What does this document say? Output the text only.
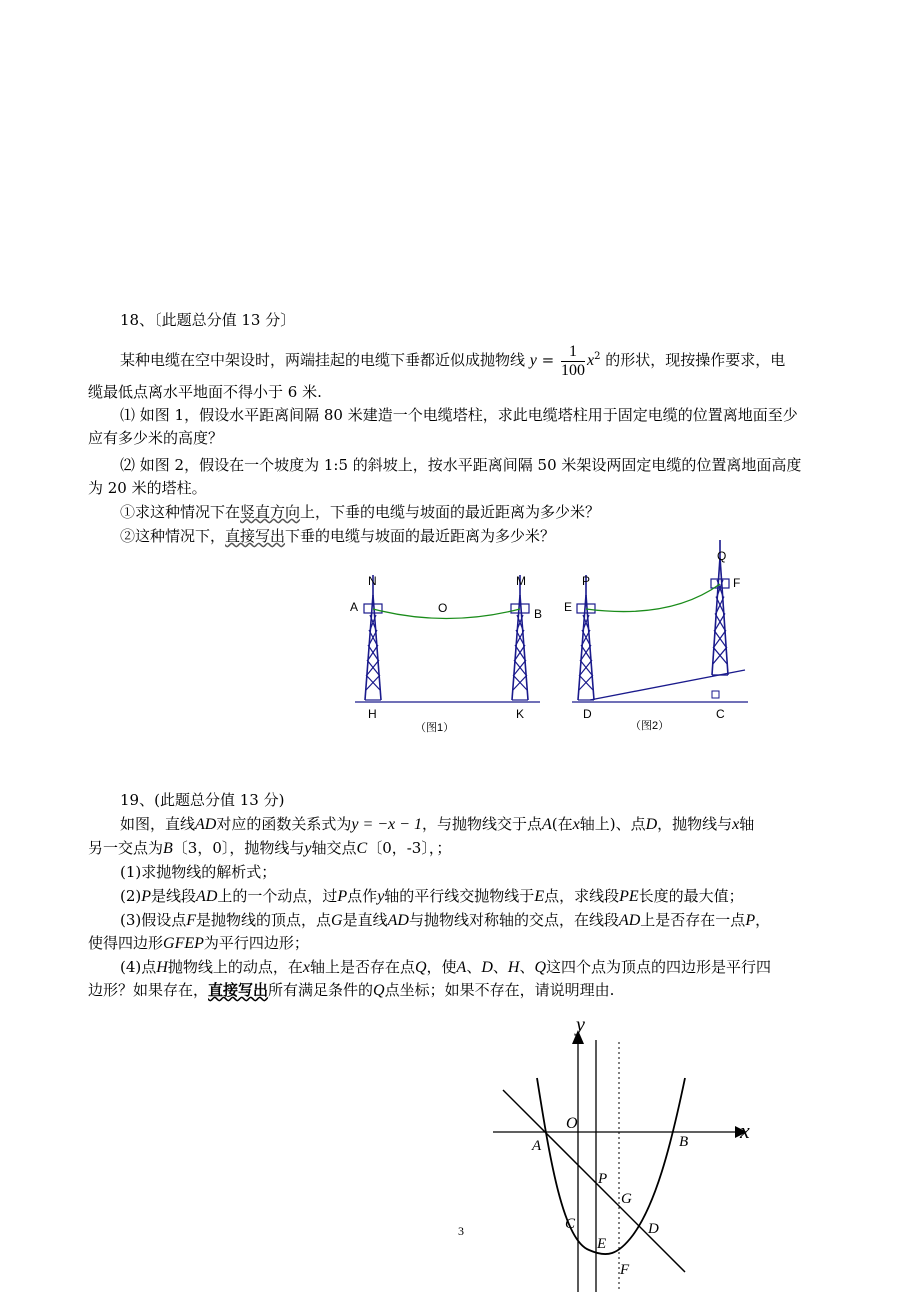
18、〔此题总分值 13 分〕
某种电缆在空中架设时，两端挂起的电缆下垂都近似成抛物线 $y = \frac{1}{100} x^2$ 的形状，现按操作要求，电
缆最低点离水平地面不得小于 6 米.
⑴ 如图 1，假设水平距离间隔 80 米建造一个电缆塔柱，求此电缆塔柱用于固定电缆的位置离地面至少
应有多少米的高度？
⑵ 如图 2，假设在一个坡度为 1:5 的斜坡上，按水平距离间隔 50 米架设两固定电缆的位置离地面高度
为 20 米的塔柱。
①求这种情况下在竖直方向上，下垂的电缆与坡面的最近距离为多少米？
②这种情况下，直接写出下垂的电缆与坡面的最近距离为多少米？
N	M
A	O	B
H	K
（图1）
P
Q
E
F
D	C
（图2）
19、(此题总分值 13 分)
如图，直线AD对应的函数关系式为y = −x − 1，与抛物线交于点A(在x轴上)、点D，抛物线与x轴
另一交点为B〔3，0〕，抛物线与y轴交点C〔0，-3〕，；
(1)求抛物线的解析式；
(2)P是线段AD上的一个动点，过P点作y轴的平行线交抛物线于E点，求线段PE长度的最大值；
(3)假设点F是抛物线的顶点，点G是直线AD与抛物线对称轴的交点，在线段AD上是否存在一点P，
使得四边形GFEP为平行四边形；
(4)点H抛物线上的动点，在x轴上是否存在点Q，使A、D、H、Q这四个点为顶点的四边形是平行四
边形？如果存在，直接写出所有满足条件的Q点坐标；如果不存在，请说明理由.
y
x
O
A	B
P
G
C	D
E
F
3
